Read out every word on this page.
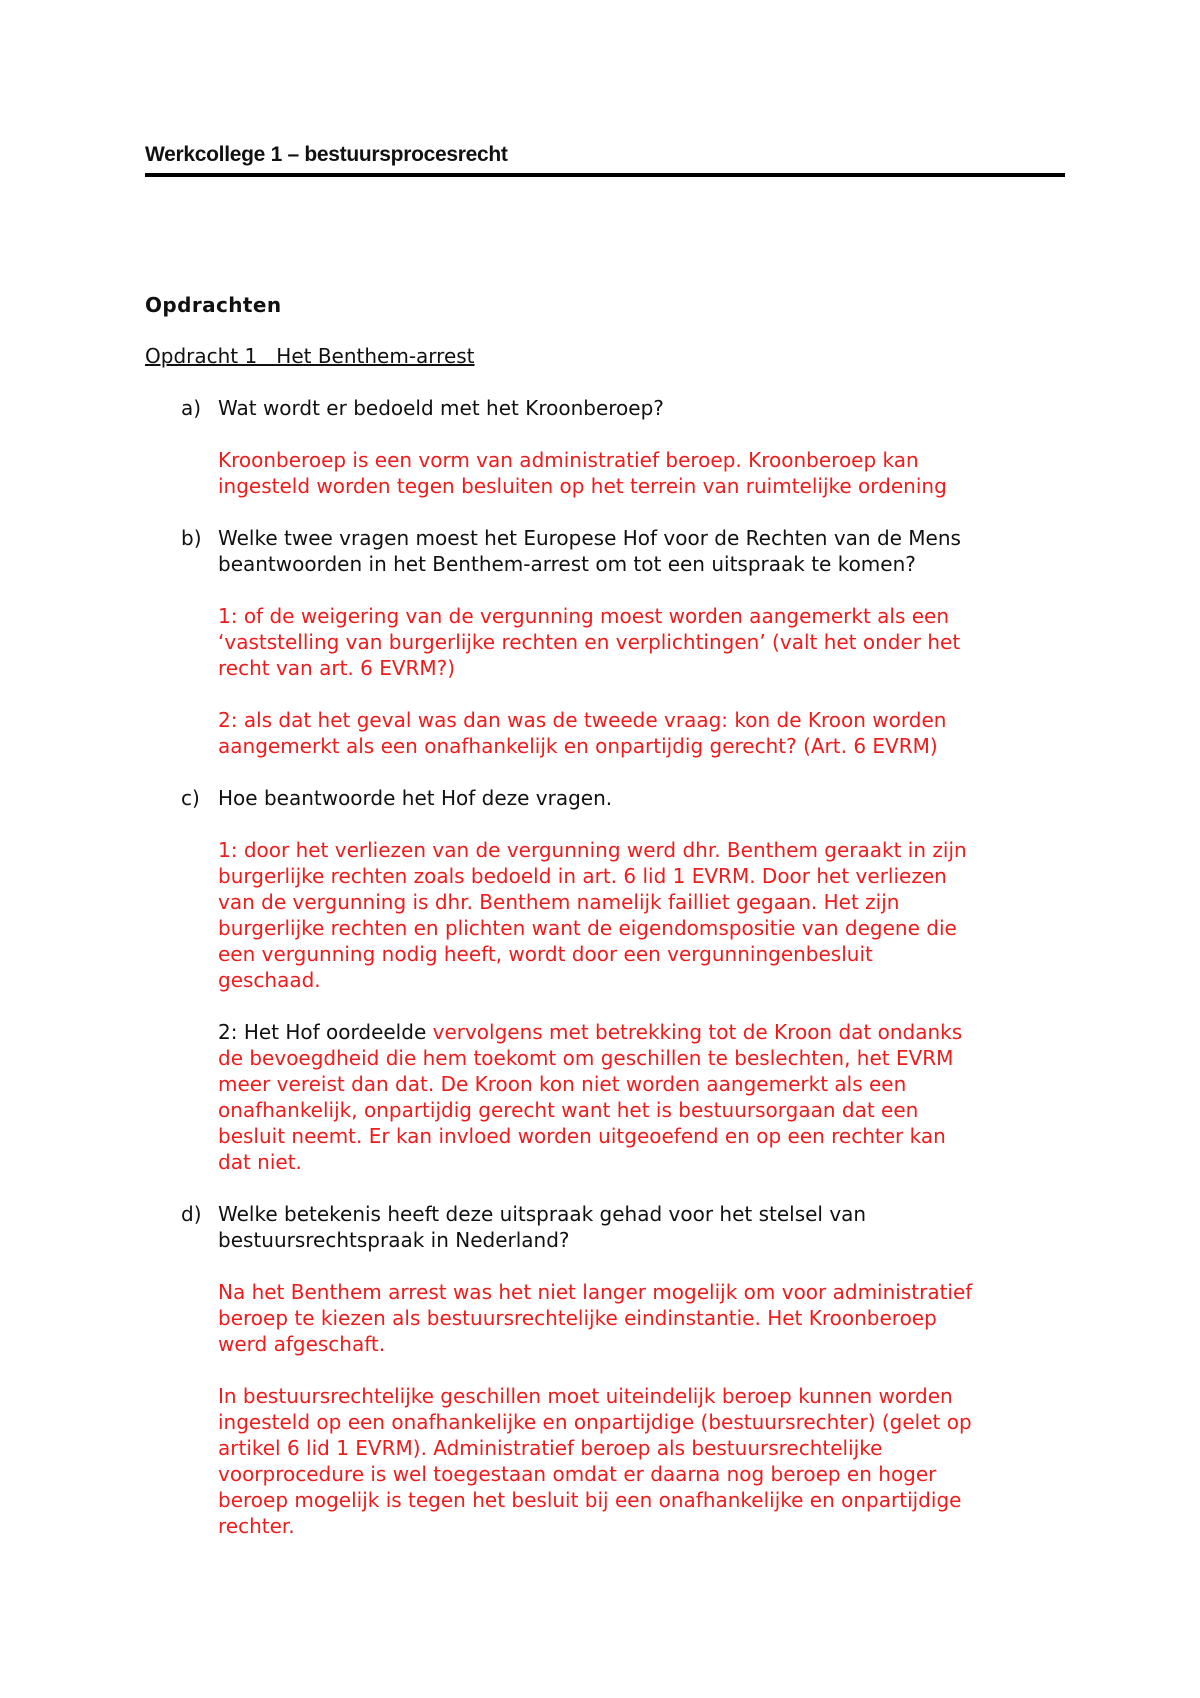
Werkcollege 1 – bestuursprocesrecht
Opdrachten
Opdracht 1   Het Benthem-arrest
a) Wat wordt er bedoeld met het Kroonberoep?
Kroonberoep is een vorm van administratief beroep. Kroonberoep kan
ingesteld worden tegen besluiten op het terrein van ruimtelijke ordening
b) Welke twee vragen moest het Europese Hof voor de Rechten van de Mens
beantwoorden in het Benthem-arrest om tot een uitspraak te komen?
1: of de weigering van de vergunning moest worden aangemerkt als een
‘vaststelling van burgerlijke rechten en verplichtingen’ (valt het onder het
recht van art. 6 EVRM?)
2: als dat het geval was dan was de tweede vraag: kon de Kroon worden
aangemerkt als een onafhankelijk en onpartijdig gerecht? (Art. 6 EVRM)
c) Hoe beantwoorde het Hof deze vragen.
1: door het verliezen van de vergunning werd dhr. Benthem geraakt in zijn
burgerlijke rechten zoals bedoeld in art. 6 lid 1 EVRM. Door het verliezen
van de vergunning is dhr. Benthem namelijk failliet gegaan. Het zijn
burgerlijke rechten en plichten want de eigendomspositie van degene die
een vergunning nodig heeft, wordt door een vergunningenbesluit
geschaad.
2: Het Hof oordeelde vervolgens met betrekking tot de Kroon dat ondanks
de bevoegdheid die hem toekomt om geschillen te beslechten, het EVRM
meer vereist dan dat. De Kroon kon niet worden aangemerkt als een
onafhankelijk, onpartijdig gerecht want het is bestuursorgaan dat een
besluit neemt. Er kan invloed worden uitgeoefend en op een rechter kan
dat niet.
d) Welke betekenis heeft deze uitspraak gehad voor het stelsel van
bestuursrechtspraak in Nederland?
Na het Benthem arrest was het niet langer mogelijk om voor administratief
beroep te kiezen als bestuursrechtelijke eindinstantie. Het Kroonberoep
werd afgeschaft.
In bestuursrechtelijke geschillen moet uiteindelijk beroep kunnen worden
ingesteld op een onafhankelijke en onpartijdige (bestuursrechter) (gelet op
artikel 6 lid 1 EVRM). Administratief beroep als bestuursrechtelijke
voorprocedure is wel toegestaan omdat er daarna nog beroep en hoger
beroep mogelijk is tegen het besluit bij een onafhankelijke en onpartijdige
rechter.
